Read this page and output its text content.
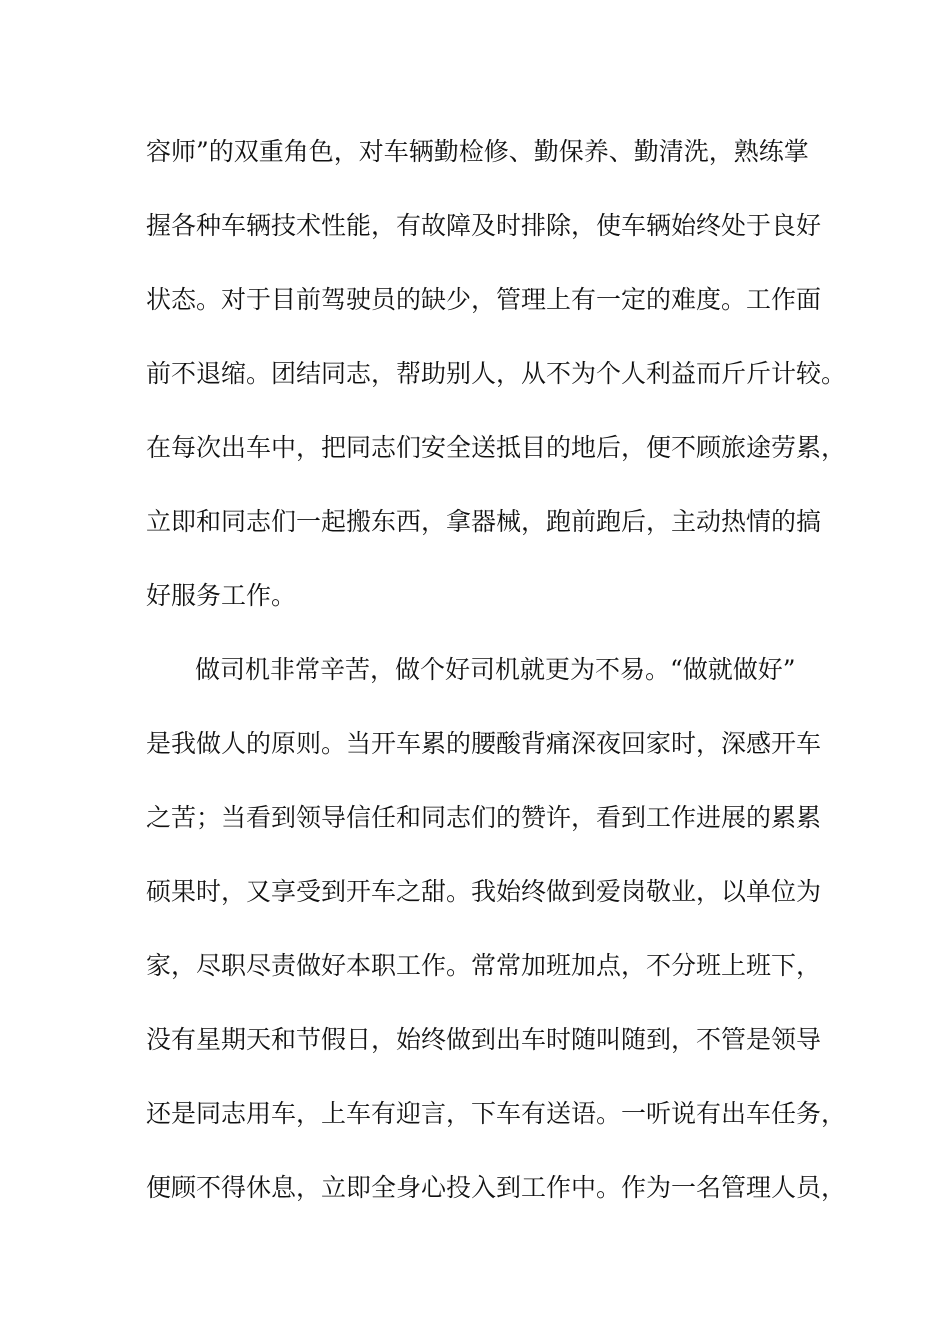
容师”的双重角色，对车辆勤检修、勤保养、勤清洗，熟练掌
握各种车辆技术性能，有故障及时排除，使车辆始终处于良好
状态。对于目前驾驶员的缺少，管理上有一定的难度。工作面
前不退缩。团结同志，帮助别人，从不为个人利益而斤斤计较。
在每次出车中，把同志们安全送抵目的地后，便不顾旅途劳累，
立即和同志们一起搬东西，拿器械，跑前跑后，主动热情的搞
好服务工作。
做司机非常辛苦，做个好司机就更为不易。“做就做好”
是我做人的原则。当开车累的腰酸背痛深夜回家时，深感开车
之苦；当看到领导信任和同志们的赞许，看到工作进展的累累
硕果时，又享受到开车之甜。我始终做到爱岗敬业，以单位为
家，尽职尽责做好本职工作。常常加班加点，不分班上班下，
没有星期天和节假日，始终做到出车时随叫随到，不管是领导
还是同志用车，上车有迎言，下车有送语。一听说有出车任务，
便顾不得休息，立即全身心投入到工作中。作为一名管理人员，
